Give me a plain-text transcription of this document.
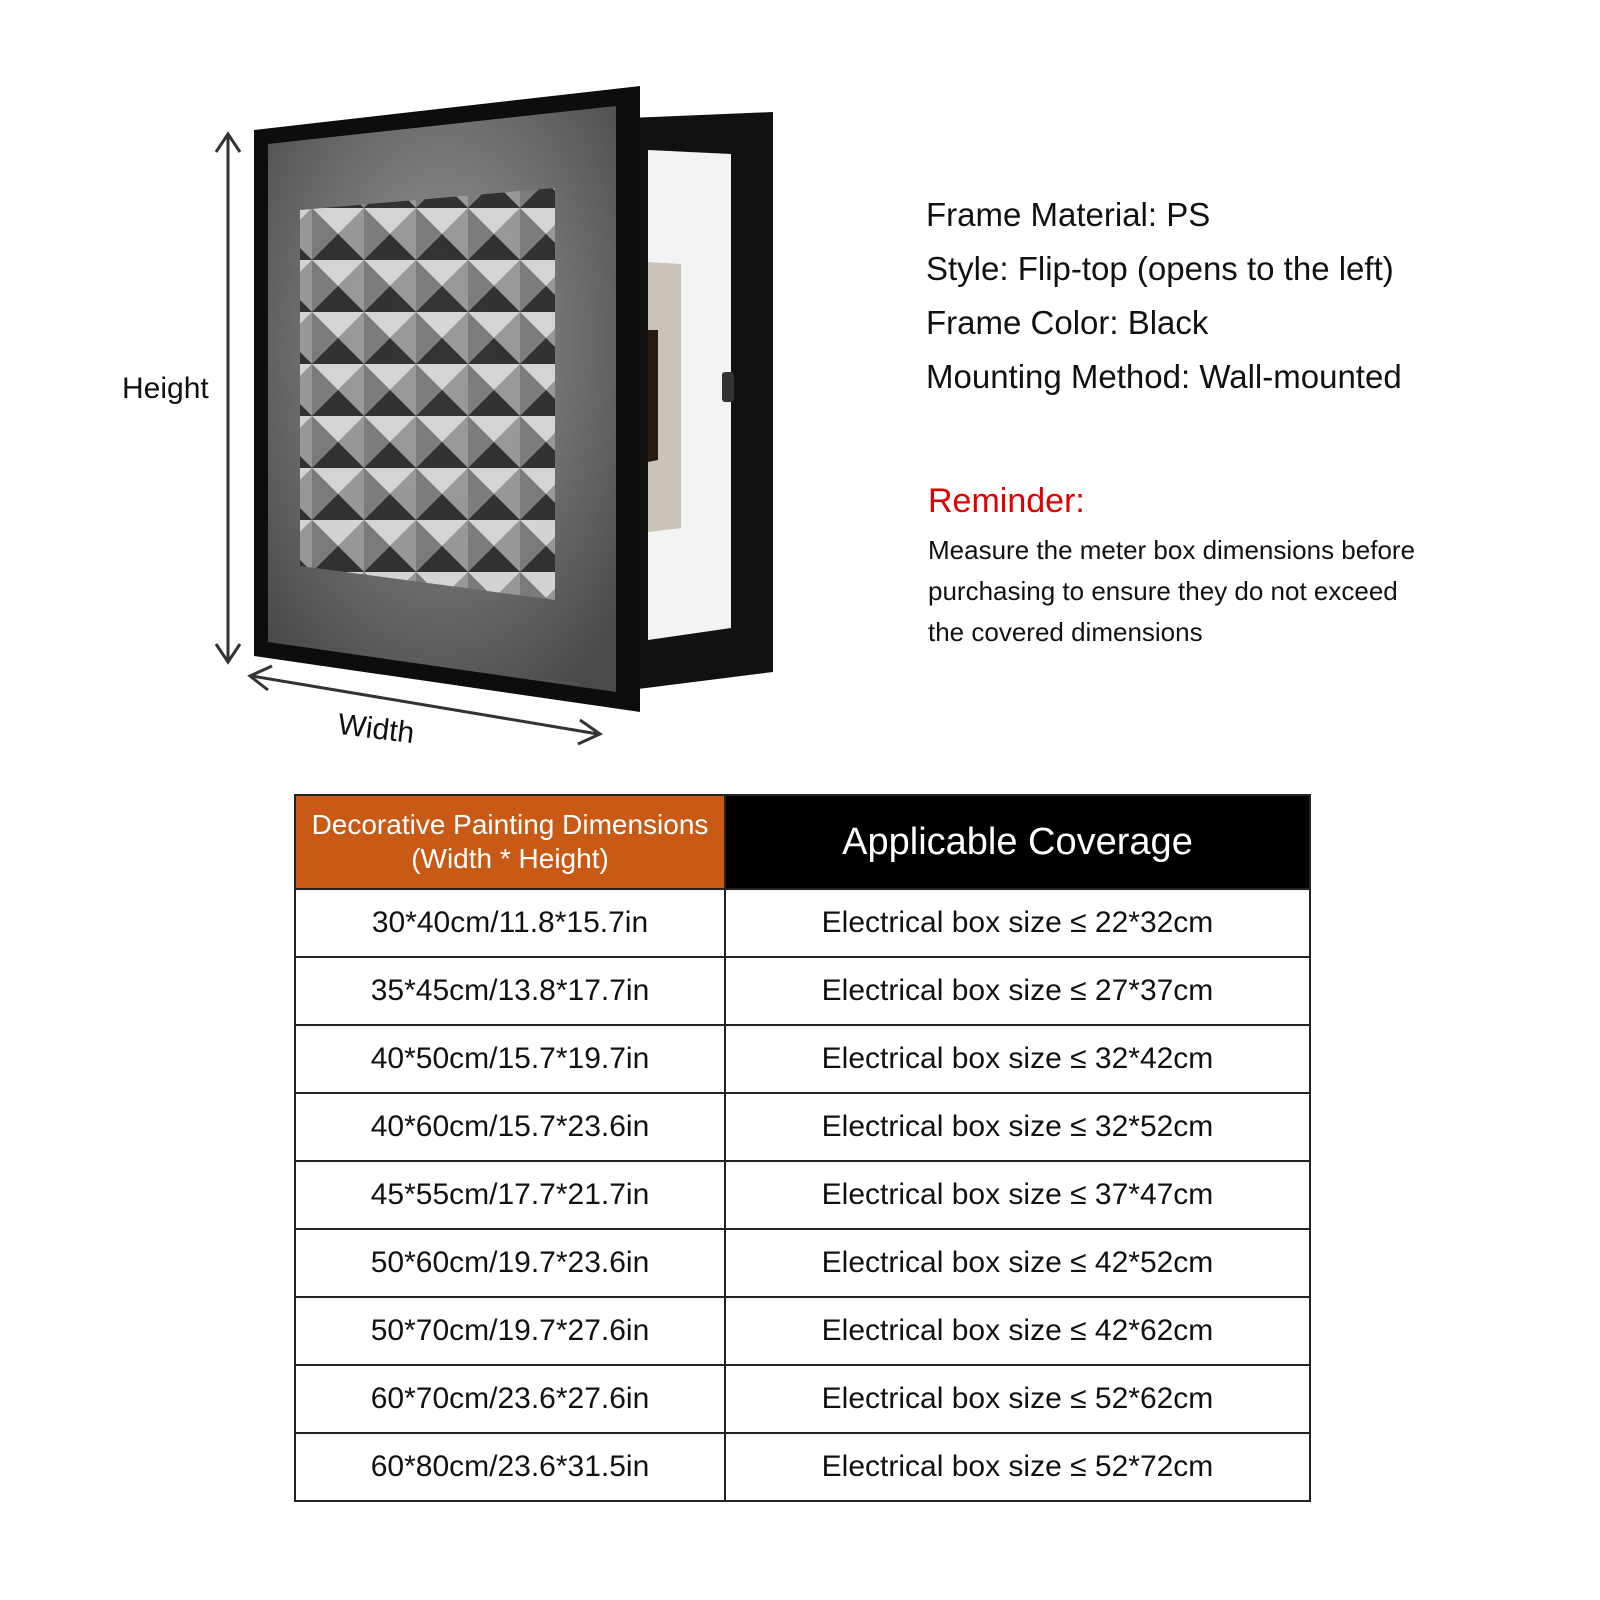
Height
Width
Frame Material: PS
Style: Flip-top (opens to the left)
Frame Color: Black
Mounting Method: Wall-mounted
Reminder:
Measure the meter box dimensions before
purchasing to ensure they do not exceed
the covered dimensions
Decorative Painting Dimensions
(Width * Height)	Applicable Coverage
30*40cm/11.8*15.7in	Electrical box size ≤ 22*32cm
35*45cm/13.8*17.7in	Electrical box size ≤ 27*37cm
40*50cm/15.7*19.7in	Electrical box size ≤ 32*42cm
40*60cm/15.7*23.6in	Electrical box size ≤ 32*52cm
45*55cm/17.7*21.7in	Electrical box size ≤ 37*47cm
50*60cm/19.7*23.6in	Electrical box size ≤ 42*52cm
50*70cm/19.7*27.6in	Electrical box size ≤ 42*62cm
60*70cm/23.6*27.6in	Electrical box size ≤ 52*62cm
60*80cm/23.6*31.5in	Electrical box size ≤ 52*72cm
